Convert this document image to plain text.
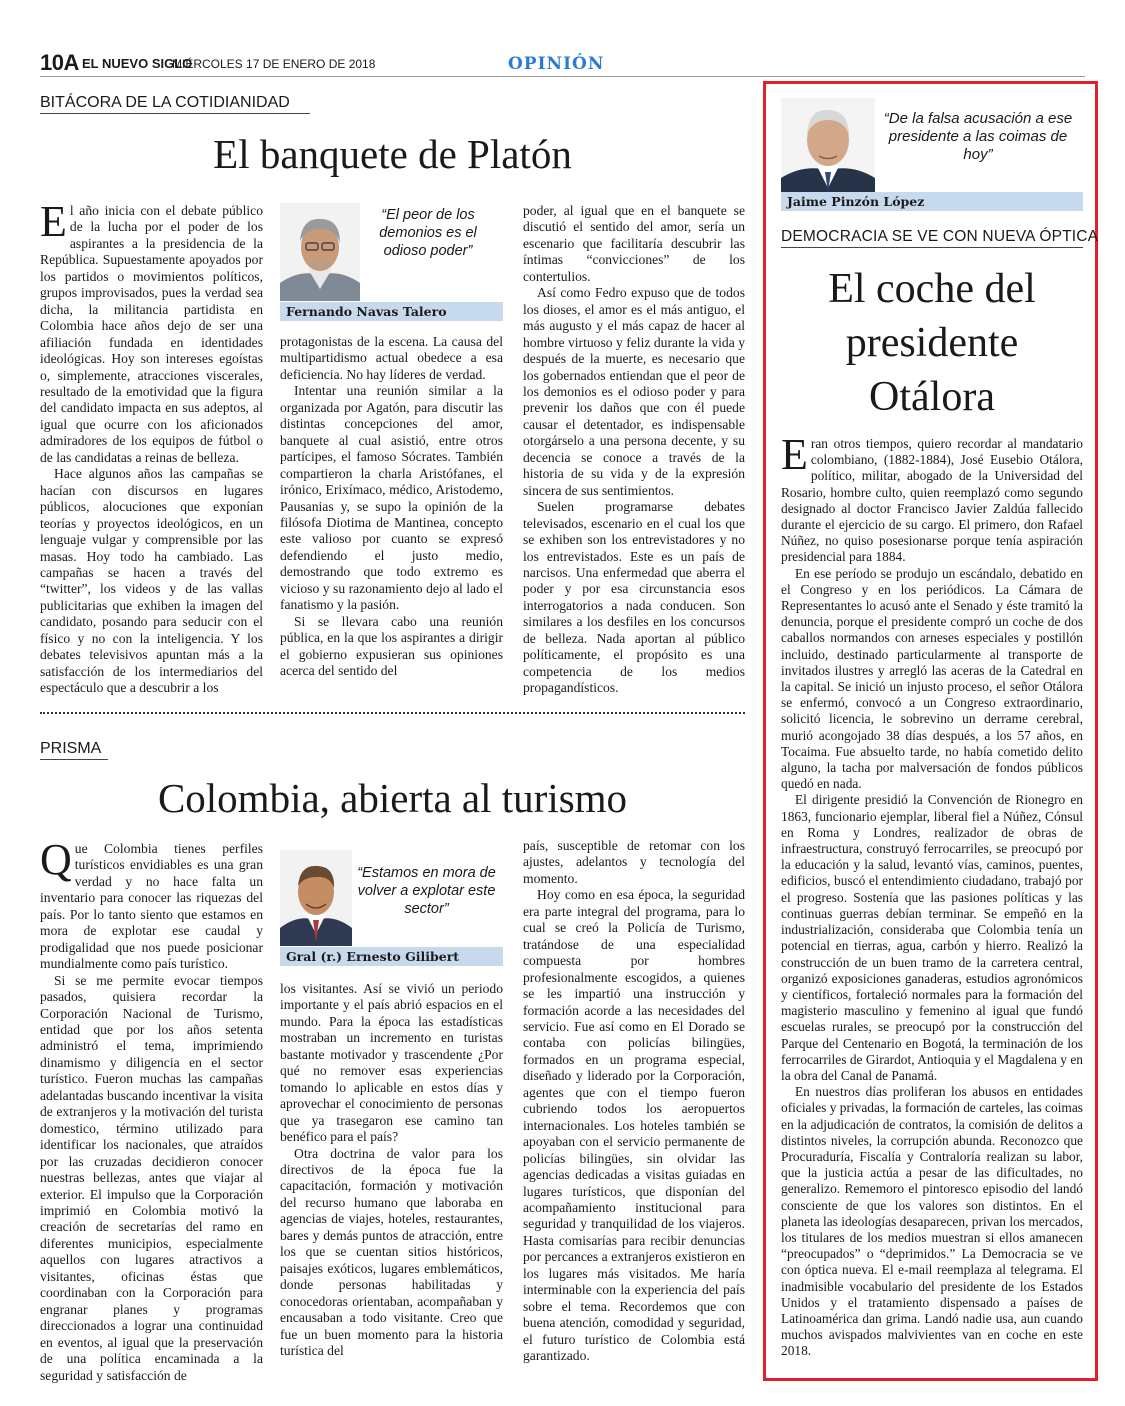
10A EL NUEVO SIGLO
MIÉRCOLES 17 DE ENERO DE 2018	OPINIÓN
BITÁCORA DE LA COTIDIANIDAD
El banquete de Platón

El año inicia con el debate público de la lucha por el poder de los aspirantes a la presidencia de la República. Supuestamente apoyados por los partidos o movimientos políticos, grupos improvisados, pues la verdad sea dicha, la militancia partidista en Colombia hace años dejo de ser una afiliación fundada en identidades ideológicas. Hoy son intereses egoístas o, simplemente, atracciones viscerales, resultado de la emotividad que la figura del candidato impacta en sus adeptos, al igual que ocurre con los aficionados admiradores de los equipos de fútbol o de las candidatas a reinas de belleza.

Hace algunos años las campañas se hacían con discursos en lugares públicos, alocuciones que exponían teorías y proyectos ideológicos, en un lenguaje vulgar y comprensible por las masas. Hoy todo ha cambiado. Las campañas se hacen a través del “twitter”, los videos y de las vallas publicitarias que exhiben la imagen del candidato, posando para seducir con el físico y no con la inteligencia. Y los debates televisivos apuntan más a la satisfacción de los intermediarios del espectáculo que a descubrir a los

“El peor de los demonios es el odioso poder”
Fernando Navas Talero

protagonistas de la escena. La causa del multipartidismo actual obedece a esa deficiencia. No hay líderes de verdad.

Intentar una reunión similar a la organizada por Agatón, para discutir las distintas concepciones del amor, banquete al cual asistió, entre otros partícipes, el famoso Sócrates. También compartieron la charla Aristófanes, el irónico, Erixímaco, médico, Aristodemo, Pausanias y, se supo la opinión de la filósofa Diotima de Mantinea, concepto este valioso por cuanto se expresó defendiendo el justo medio, demostrando que todo extremo es vicioso y su razonamiento dejo al lado el fanatismo y la pasión.

Si se llevara cabo una reunión pública, en la que los aspirantes a dirigir el gobierno expusieran sus opiniones acerca del sentido del

poder, al igual que en el banquete se discutió el sentido del amor, sería un escenario que facilitaría descubrir las íntimas “convicciones” de los contertulios.

Así como Fedro expuso que de todos los dioses, el amor es el más antiguo, el más augusto y el más capaz de hacer al hombre virtuoso y feliz durante la vida y después de la muerte, es necesario que los gobernados entiendan que el peor de los demonios es el odioso poder y para prevenir los daños que con él puede causar el detentador, es indispensable otorgárselo a una persona decente, y su decencia se conoce a través de la historia de su vida y de la expresión sincera de sus sentimientos.

Suelen programarse debates televisados, escenario en el cual los que se exhiben son los entrevistadores y no los entrevistados. Este es un país de narcisos. Una enfermedad que aberra el poder y por esa circunstancia esos interrogatorios a nada conducen. Son similares a los desfiles en los concursos de belleza. Nada aportan al público políticamente, el propósito es una competencia de los medios propagandísticos.

PRISMA
Colombia, abierta al turismo

Que Colombia tienes perfiles turísticos envidiables es una gran verdad y no hace falta un inventario para conocer las riquezas del país. Por lo tanto siento que estamos en mora de explotar ese caudal y prodigalidad que nos puede posicionar mundialmente como país turístico.

Si se me permite evocar tiempos pasados, quisiera recordar la Corporación Nacional de Turismo, entidad que por los años setenta administró el tema, imprimiendo dinamismo y diligencia en el sector turístico. Fueron muchas las campañas adelantadas buscando incentivar la visita de extranjeros y la motivación del turista domestico, término utilizado para identificar los nacionales, que atraídos por las cruzadas decidieron conocer nuestras bellezas, antes que viajar al exterior. El impulso que la Corporación imprimió en Colombia motivó la creación de secretarías del ramo en diferentes municipios, especialmente aquellos con lugares atractivos a visitantes, oficinas éstas que coordinaban con la Corporación para engranar planes y programas direccionados a lograr una continuidad en eventos, al igual que la preservación de una política encaminada a la seguridad y satisfacción de

“Estamos en mora de volver a explotar este sector”
Gral (r.) Ernesto Gilibert

los visitantes. Así se vivió un periodo importante y el país abrió espacios en el mundo. Para la época las estadísticas mostraban un incremento en turistas bastante motivador y trascendente ¿Por qué no remover esas experiencias tomando lo aplicable en estos días y aprovechar el conocimiento de personas que ya trasegaron ese camino tan benéfico para el país?

Otra doctrina de valor para los directivos de la época fue la capacitación, formación y motivación del recurso humano que laboraba en agencias de viajes, hoteles, restaurantes, bares y demás puntos de atracción, entre los que se cuentan sitios históricos, paisajes exóticos, lugares emblemáticos, donde personas habilitadas y conocedoras orientaban, acompañaban y encausaban a todo visitante. Creo que fue un buen momento para la historia turística del

país, susceptible de retomar con los ajustes, adelantos y tecnología del momento.

Hoy como en esa época, la seguridad era parte integral del programa, para lo cual se creó la Policía de Turismo, tratándose de una especialidad compuesta por hombres profesionalmente escogidos, a quienes se les impartió una instrucción y formación acorde a las necesidades del servicio. Fue así como en El Dorado se contaba con policías bilingües, formados en un programa especial, diseñado y liderado por la Corporación, agentes que con el tiempo fueron cubriendo todos los aeropuertos internacionales. Los hoteles también se apoyaban con el servicio permanente de policías bilingües, sin olvidar las agencias dedicadas a visitas guiadas en lugares turísticos, que disponían del acompañamiento institucional para seguridad y tranquilidad de los viajeros. Hasta comisarías para recibir denuncias por percances a extranjeros existieron en los lugares más visitados. Me haría interminable con la experiencia del país sobre el tema. Recordemos que con buena atención, comodidad y seguridad, el futuro turístico de Colombia está garantizado.

“De la falsa acusación a ese presidente a las coimas de hoy”
Jaime Pinzón López
DEMOCRACIA SE VE CON NUEVA ÓPTICA
El coche del
presidente
Otálora

Eran otros tiempos, quiero recordar al mandatario colombiano, (1882-1884), José Eusebio Otálora, político, militar, abogado de la Universidad del Rosario, hombre culto, quien reemplazó como segundo designado al doctor Francisco Javier Zaldúa fallecido durante el ejercicio de su cargo. El primero, don Rafael Núñez, no quiso posesionarse porque tenía aspiración presidencial para 1884.

En ese período se produjo un escándalo, debatido en el Congreso y en los periódicos. La Cámara de Representantes lo acusó ante el Senado y éste tramitó la denuncia, porque el presidente compró un coche de dos caballos normandos con arneses especiales y postillón incluido, destinado particularmente al transporte de invitados ilustres y arregló las aceras de la Catedral en la capital. Se inició un injusto proceso, el señor Otálora se enfermó, convocó a un Congreso extraordinario, solicitó licencia, le sobrevino un derrame cerebral, murió acongojado 38 días después, a los 57 años, en Tocaima. Fue absuelto tarde, no había cometido delito alguno, la tacha por malversación de fondos públicos quedó en nada.

El dirigente presidió la Convención de Rionegro en 1863, funcionario ejemplar, liberal fiel a Núñez, Cónsul en Roma y Londres, realizador de obras de infraestructura, construyó ferrocarriles, se preocupó por la educación y la salud, levantó vías, caminos, puentes, edificios, buscó el entendimiento ciudadano, trabajó por el progreso. Sostenía que las pasiones políticas y las continuas guerras debían terminar. Se empeñó en la industrialización, consideraba que Colombia tenía un potencial en tierras, agua, carbón y hierro. Realizó la construcción de un buen tramo de la carretera central, organizó exposiciones ganaderas, estudios agronómicos y científicos, fortaleció normales para la formación del magisterio masculino y femenino al igual que fundó escuelas rurales, se preocupó por la construcción del Parque del Centenario en Bogotá, la terminación de los ferrocarriles de Girardot, Antioquia y el Magdalena y en la obra del Canal de Panamá.

En nuestros días proliferan los abusos en entidades oficiales y privadas, la formación de carteles, las coimas en la adjudicación de contratos, la comisión de delitos a distintos niveles, la corrupción abunda. Reconozco que Procuraduría, Fiscalía y Contraloría realizan su labor, que la justicia actúa a pesar de las dificultades, no generalizo. Rememoro el pintoresco episodio del landó consciente de que los valores son distintos. En el planeta las ideologías desaparecen, privan los mercados, los titulares de los medios muestran si ellos amanecen “preocupados” o “deprimidos.” La Democracia se ve con óptica nueva. El e-mail reemplaza al telegrama. El inadmisible vocabulario del presidente de los Estados Unidos y el tratamiento dispensado a países de Latinoamérica dan grima. Landó nadie usa, aun cuando muchos avispados malvivientes van en coche en este 2018.
